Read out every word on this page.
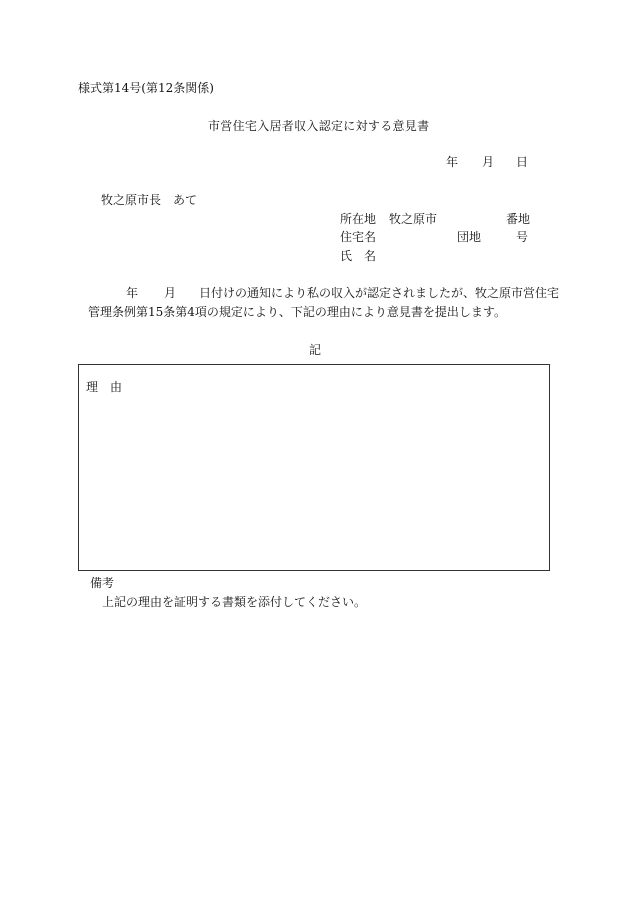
様式第14号(第12条関係)
市営住宅入居者収入認定に対する意見書
年 月 日
牧之原市長　あて
所在地 牧之原市	番地
住宅名	団地	号
氏　名
年 月 日付けの通知により私の収入が認定されましたが、牧之原市営住宅
管理条例第15条第4項の規定により、下記の理由により意見書を提出します。
記
理　由
備考
上記の理由を証明する書類を添付してください。
